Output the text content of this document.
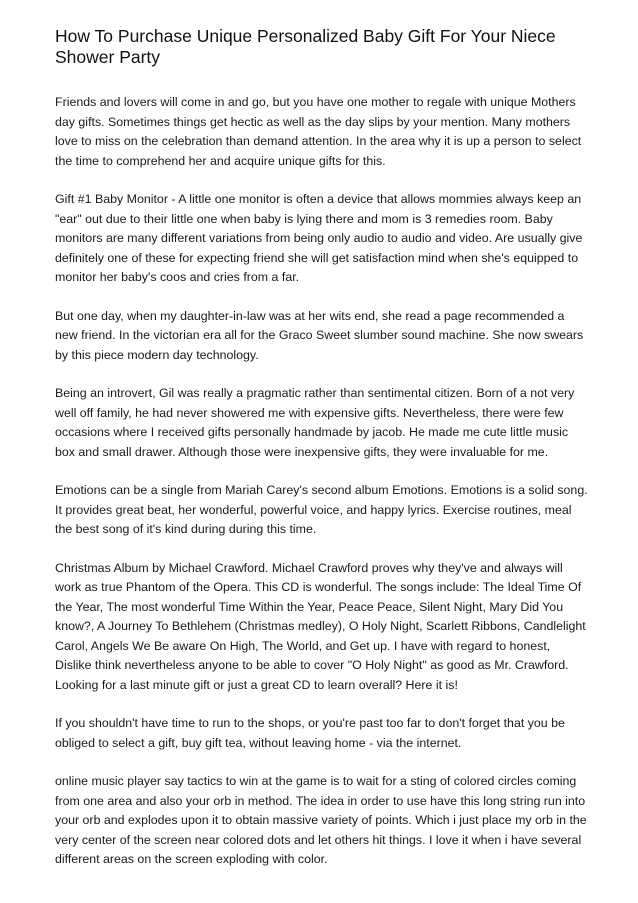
How To Purchase Unique Personalized Baby Gift For Your Niece Shower Party

Friends and lovers will come in and go, but you have one mother to regale with unique Mothers day gifts. Sometimes things get hectic as well as the day slips by your mention. Many mothers love to miss on the celebration than demand attention. In the area why it is up a person to select the time to comprehend her and acquire unique gifts for this.

Gift #1 Baby Monitor - A little one monitor is often a device that allows mommies always keep an "ear" out due to their little one when baby is lying there and mom is 3 remedies room. Baby monitors are many different variations from being only audio to audio and video. Are usually give definitely one of these for expecting friend she will get satisfaction mind when she's equipped to monitor her baby's coos and cries from a far.

But one day, when my daughter-in-law was at her wits end, she read a page recommended a new friend. In the victorian era all for the Graco Sweet slumber sound machine. She now swears by this piece modern day technology.

Being an introvert, Gil was really a pragmatic rather than sentimental citizen. Born of a not very well off family, he had never showered me with expensive gifts. Nevertheless, there were few occasions where I received gifts personally handmade by jacob. He made me cute little music box and small drawer. Although those were inexpensive gifts, they were invaluable for me.

Emotions can be a single from Mariah Carey's second album Emotions. Emotions is a solid song. It provides great beat, her wonderful, powerful voice, and happy lyrics. Exercise routines, meal the best song of it's kind during during this time.

Christmas Album by Michael Crawford. Michael Crawford proves why they've and always will work as true Phantom of the Opera. This CD is wonderful. The songs include: The Ideal Time Of the Year, The most wonderful Time Within the Year, Peace Peace, Silent Night, Mary Did You know?, A Journey To Bethlehem (Christmas medley), O Holy Night, Scarlett Ribbons, Candlelight Carol, Angels We Be aware On High, The World, and Get up. I have with regard to honest, Dislike think nevertheless anyone to be able to cover "O Holy Night" as good as Mr. Crawford. Looking for a last minute gift or just a great CD to learn overall? Here it is!

If you shouldn't have time to run to the shops, or you're past too far to don't forget that you be obliged to select a gift, buy gift tea, without leaving home - via the internet.

online music player say tactics to win at the game is to wait for a sting of colored circles coming from one area and also your orb in method. The idea in order to use have this long string run into your orb and explodes upon it to obtain massive variety of points. Which i just place my orb in the very center of the screen near colored dots and let others hit things. I love it when i have several different areas on the screen exploding with color.
